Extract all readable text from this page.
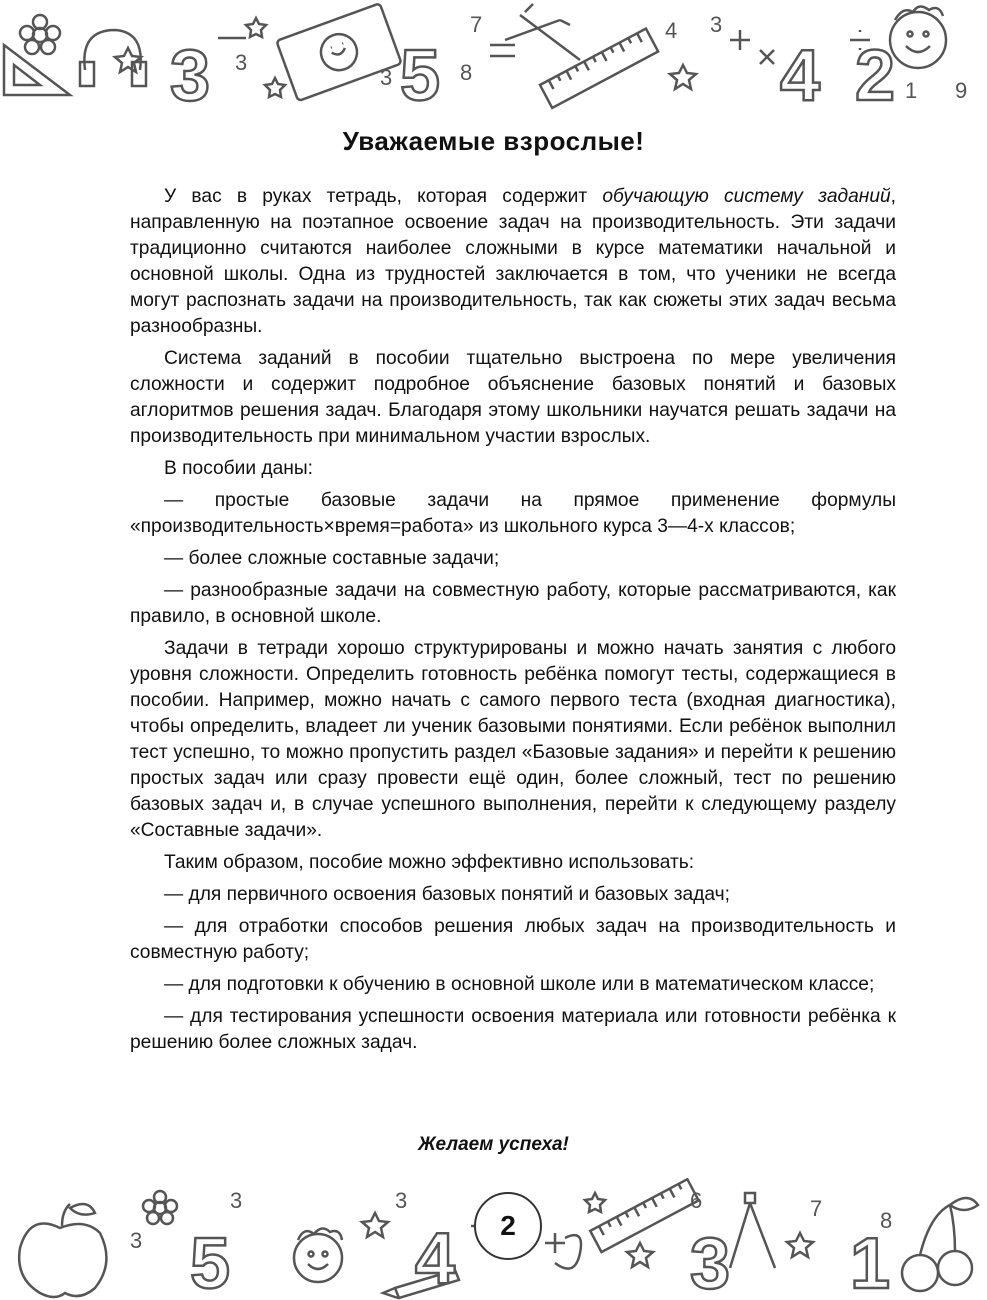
3	5	4 2
7
3
3
9
1
4
3	8
Уважаемые взрослые!

У вас в руках тетрадь, которая содержит обучающую систему заданий, направленную на поэтапное освоение задач на производительность. Эти задачи традиционно считаются наиболее сложными в курсе математики начальной и основной школы. Одна из трудностей заключается в том, что ученики не всегда могут распознать задачи на производительность, так как сюжеты этих задач весьма разнообразны.

Система заданий в пособии тщательно выстроена по мере увеличения сложности и содержит подробное объяснение базовых понятий и базовых аглоритмов решения задач. Благодаря этому школьники научатся решать задачи на производительность при минимальном участии взрослых.

В пособии даны:

— простые базовые задачи на прямое применение формулы «производительность×время=работа» из школьного курса 3—4-х классов;

— более сложные составные задачи;

— разнообразные задачи на совместную работу, которые рассматриваются, как правило, в основной школе.

Задачи в тетради хорошо структурированы и можно начать занятия с любого уровня сложности. Определить готовность ребёнка помогут тесты, содержащиеся в пособии. Например, можно начать с самого первого теста (входная диагностика), чтобы определить, владеет ли ученик базовыми понятиями. Если ребёнок выполнил тест успешно, то можно пропустить раздел «Базовые задания» и перейти к решению простых задач или сразу провести ещё один, более сложный, тест по решению базовых задач и, в случае успешного выполнения, перейти к следующему разделу «Составные задачи».

Таким образом, пособие можно эффективно использовать:

— для первичного освоения базовых понятий и базовых задач;

— для отработки способов решения любых задач на производительность и совместную работу;

— для подготовки к обучению в основной школе или в математическом классе;

— для тестирования успешности освоения материала или готовности ребёнка к решению более сложных задач.

Желаем успеха!
5	4	3 1
3
3	3	7
6
8
2
